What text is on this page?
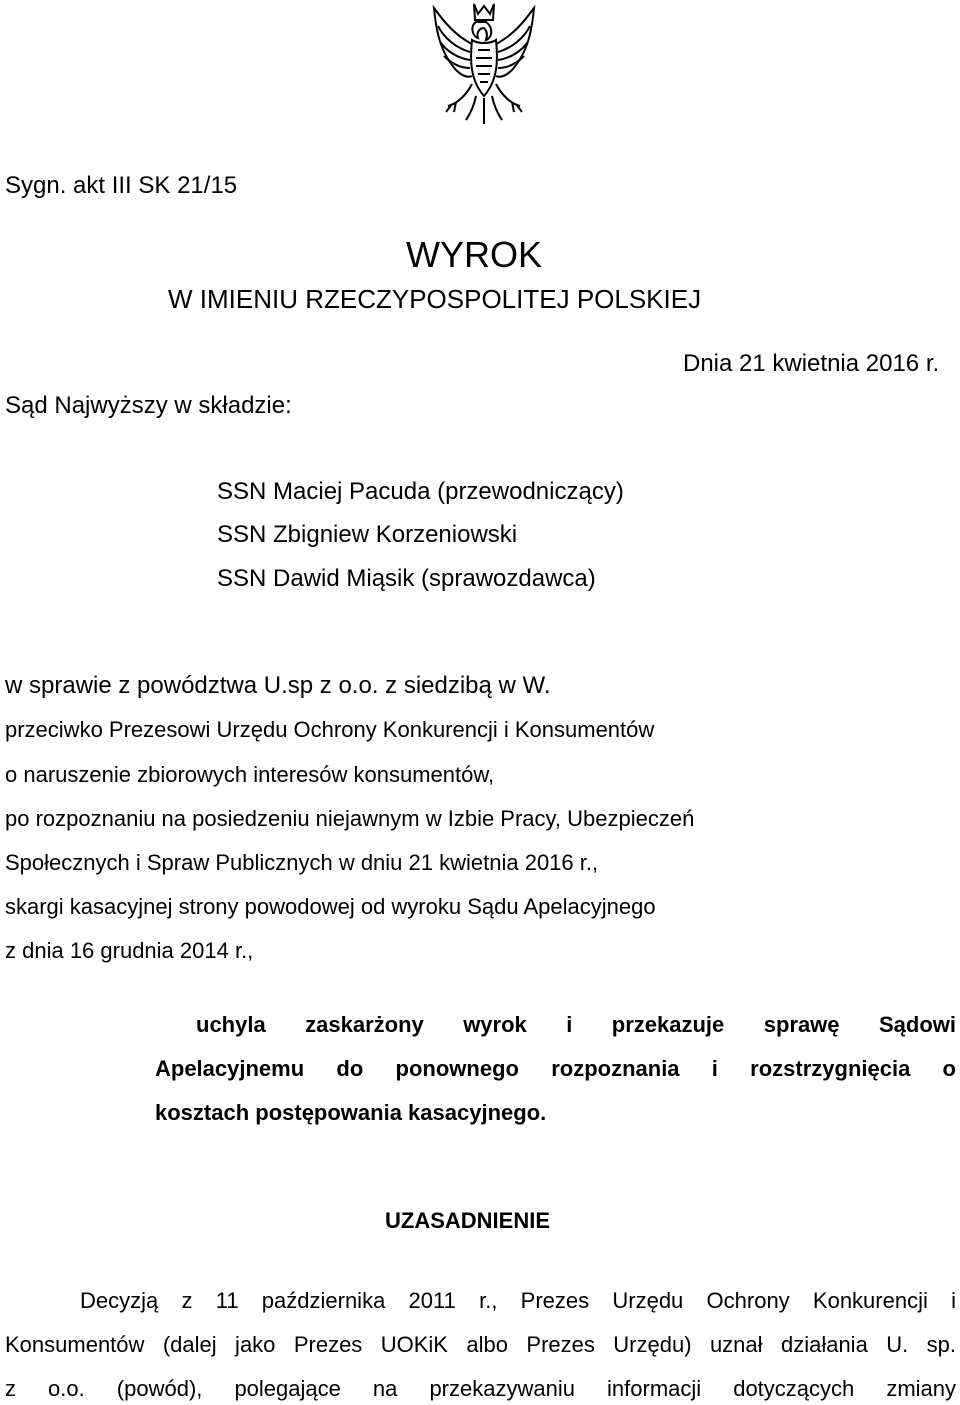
Sygn. akt III SK 21/15
WYROK
W IMIENIU RZECZYPOSPOLITEJ POLSKIEJ
Dnia 21 kwietnia 2016 r.
Sąd Najwyższy w składzie:
SSN Maciej Pacuda (przewodniczący)
SSN Zbigniew Korzeniowski
SSN Dawid Miąsik (sprawozdawca)
w sprawie z powództwa U.sp z o.o. z siedzibą w W.
przeciwko Prezesowi Urzędu Ochrony Konkurencji i Konsumentów
o naruszenie zbiorowych interesów konsumentów,
po rozpoznaniu na posiedzeniu niejawnym w Izbie Pracy, Ubezpieczeń
Społecznych i Spraw Publicznych w dniu 21 kwietnia 2016 r.,
skargi kasacyjnej strony powodowej od wyroku Sądu Apelacyjnego
z dnia 16 grudnia 2014 r.,
uchyla zaskarżony wyrok i przekazuje sprawę Sądowi
Apelacyjnemu do ponownego rozpoznania i rozstrzygnięcia o
kosztach postępowania kasacyjnego.
UZASADNIENIE
Decyzją z 11 października 2011 r., Prezes Urzędu Ochrony Konkurencji i
Konsumentów (dalej jako Prezes UOKiK albo Prezes Urzędu) uznał działania U. sp.
z o.o. (powód), polegające na przekazywaniu informacji dotyczących zmiany
